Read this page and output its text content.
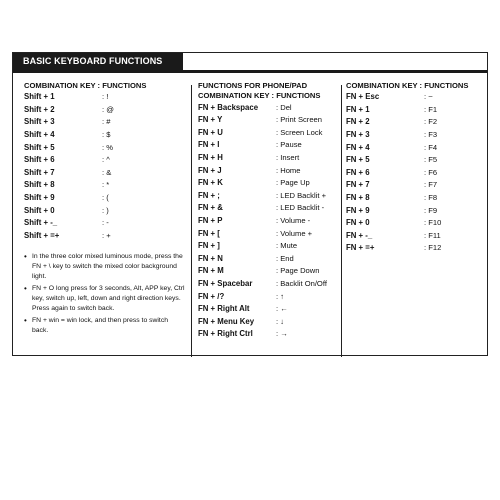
BASIC KEYBOARD FUNCTIONS
COMBINATION KEY : FUNCTIONS
Shift + 1	: !
Shift + 2	: @
Shift + 3	: #
Shift + 4	: $
Shift + 5	: %
Shift + 6	: ^
Shift + 7	: &
Shift + 8	: *
Shift + 9	: (
Shift + 0	: )
Shift + -_	: -
Shift + =+	: +
• In the three color mixed luminous mode, press the FN + \ key to switch the mixed color background light.
• FN + O long press for 3 seconds, Alt, APP key, Ctrl key, switch up, left, down and right direction keys. Press again to switch back.
• FN + win = win lock, and then press to switch back.
FUNCTIONS FOR PHONE/PAD
COMBINATION KEY : FUNCTIONS
FN + Backspace	: Del
FN + Y	: Print Screen
FN + U	: Screen Lock
FN + I	: Pause
FN + H	: Insert
FN + J	: Home
FN + K	: Page Up
FN + ;	: LED Backlit +
FN + &	: LED Backlit -
FN + P	: Volume -
FN + [	: Volume +
FN + ]	: Mute
FN + N	: End
FN + M	: Page Down
FN + Spacebar	: Backlit On/Off
FN + /?	: ↑
FN + Right Alt	: ←
FN + Menu Key	: ↓
FN + Right Ctrl	: →
COMBINATION KEY : FUNCTIONS
FN + Esc	: ~
FN + 1	: F1
FN + 2	: F2
FN + 3	: F3
FN + 4	: F4
FN + 5	: F5
FN + 6	: F6
FN + 7	: F7
FN + 8	: F8
FN + 9	: F9
FN + 0	: F10
FN + -_	: F11
FN + =+	: F12
